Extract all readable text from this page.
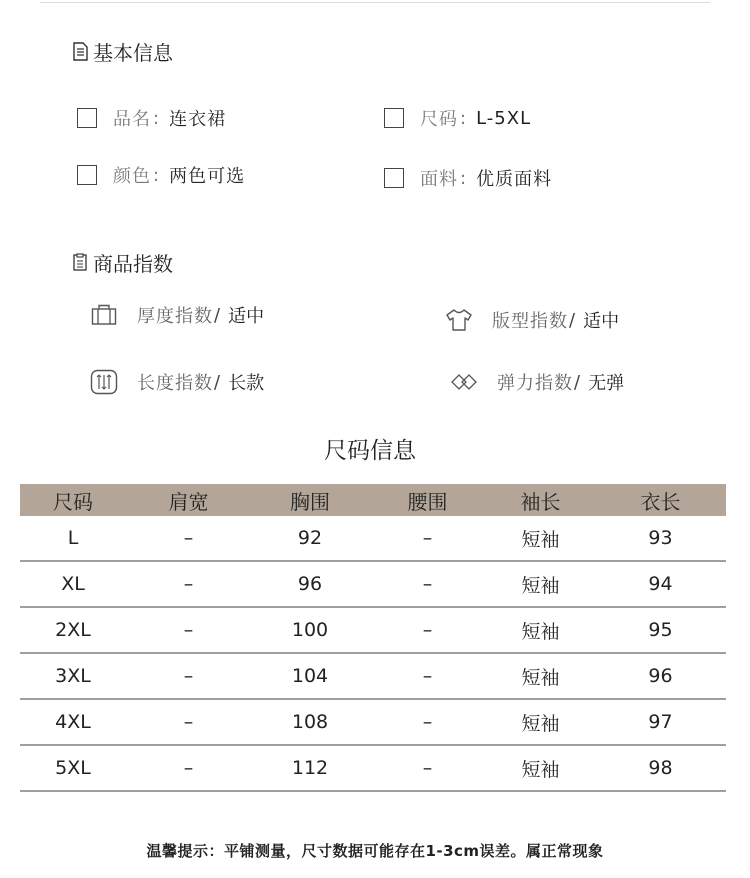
基本信息
品名 : 连衣裙	尺码 : L-5XL
颜色 : 两色可选	面料 : 优质面料
商品指数
厚度指数 / 适中	版型指数 / 适中
长度指数 / 长款	弹力指数 / 无弹
尺码信息
尺码	肩宽	胸围	腰围	袖长	衣长
L	–	92	–	短袖	93
XL	–	96	–	短袖	94
2XL	–	100	–	短袖	95
3XL	–	104	–	短袖	96
4XL	–	108	–	短袖	97
5XL	–	112	–	短袖	98
温馨提示：平铺测量，尺寸数据可能存在1-3cm误差。属正常现象
